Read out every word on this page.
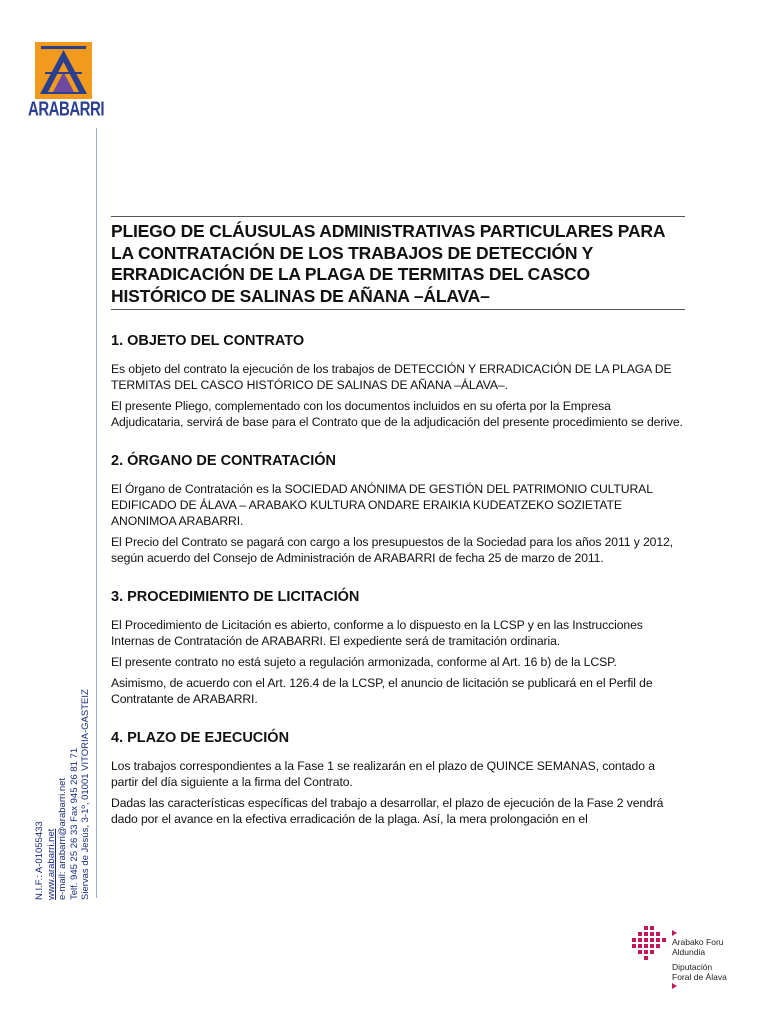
ARABARRI
N.I.F.: A-01055433 www.arabarri.net e-mail: arabarri@arabarri.net Telf. 945 25 26 33 Fax 945 26 81 71 Siervas de Jesús, 3-1º, 01001 VITORIA-GASTEIZ
PLIEGO DE CLÁUSULAS ADMINISTRATIVAS PARTICULARES PARA
LA CONTRATACIÓN DE LOS TRABAJOS DE DETECCIÓN Y
ERRADICACIÓN DE LA PLAGA DE TERMITAS DEL CASCO
HISTÓRICO DE SALINAS DE AÑANA –ÁLAVA–
1. OBJETO DEL CONTRATO

Es objeto del contrato la ejecución de los trabajos de DETECCIÓN Y ERRADICACIÓN DE LA PLAGA DE TERMITAS DEL CASCO HISTÓRICO DE SALINAS DE AÑANA –ÁLAVA–.

El presente Pliego, complementado con los documentos incluidos en su oferta por la Empresa Adjudicataria, servirá de base para el Contrato que de la adjudicación del presente procedimiento se derive.

2. ÓRGANO DE CONTRATACIÓN

El Órgano de Contratación es la SOCIEDAD ANÓNIMA DE GESTIÓN DEL PATRIMONIO CULTURAL EDIFICADO DE ÁLAVA – ARABAKO KULTURA ONDARE ERAIKIA KUDEATZEKO SOZIETATE ANONIMOA ARABARRI.

El Precio del Contrato se pagará con cargo a los presupuestos de la Sociedad para los años 2011 y 2012, según acuerdo del Consejo de Administración de ARABARRI de fecha 25 de marzo de 2011.

3. PROCEDIMIENTO DE LICITACIÓN

El Procedimiento de Licitación es abierto, conforme a lo dispuesto en la LCSP y en las Instrucciones Internas de Contratación de ARABARRI. El expediente será de tramitación ordinaria.

El presente contrato no está sujeto a regulación armonizada, conforme al Art. 16 b) de la LCSP.

Asimismo, de acuerdo con el Art. 126.4 de la LCSP, el anuncio de licitación se publicará en el Perfil de Contratante de ARABARRI.

4. PLAZO DE EJECUCIÓN

Los trabajos correspondientes a la Fase 1 se realizarán en el plazo de QUINCE SEMANAS, contado a partir del día siguiente a la firma del Contrato.

Dadas las características específicas del trabajo a desarrollar, el plazo de ejecución de la Fase 2 vendrá dado por el avance en la efectiva erradicación de la plaga. Así, la mera prolongación en el

Arabako Foru
Aldundia
Diputación
Foral de Álava
